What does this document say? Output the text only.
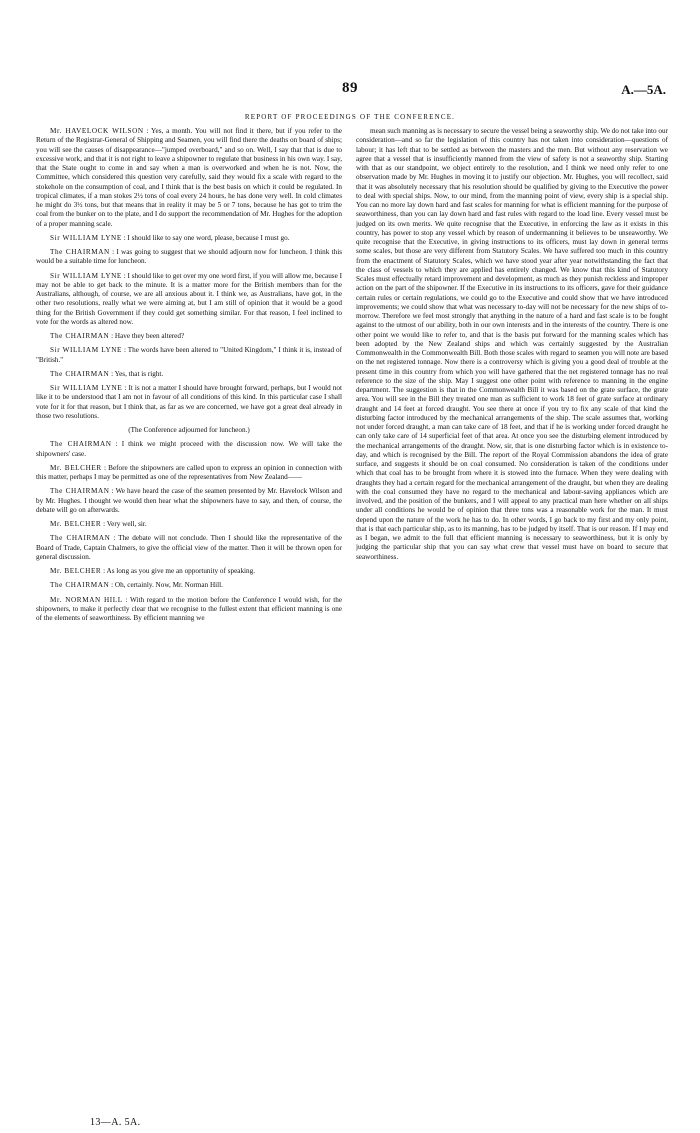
89	A.—5A.
REPORT OF PROCEEDINGS OF THE CONFERENCE.

Mr. HAVELOCK WILSON : Yes, a month. You will not find it there, but if you refer to the Return of the Registrar-General of Shipping and Seamen, you will find there the deaths on board of ships; you will see the causes of disappearance—"jumped overboard," and so on. Well, I say that that is due to excessive work, and that it is not right to leave a shipowner to regulate that business in his own way. I say, that the State ought to come in and say when a man is overworked and when he is not. Now, the Committee, which considered this question very carefully, said they would fix a scale with regard to the stokehole on the consumption of coal, and I think that is the best basis on which it could be regulated. In tropical climates, if a man stokes 2½ tons of coal every 24 hours, he has done very well. In cold climates he might do 3½ tons, but that means that in reality it may be 5 or 7 tons, because he has got to trim the coal from the bunker on to the plate, and I do support the recommendation of Mr. Hughes for the adoption of a proper manning scale.

Sir WILLIAM LYNE : I should like to say one word, please, because I must go.

The CHAIRMAN : I was going to suggest that we should adjourn now for luncheon. I think this would be a suitable time for luncheon.

Sir WILLIAM LYNE : I should like to get over my one word first, if you will allow me, because I may not be able to get back to the minute. It is a matter more for the British members than for the Australians, although, of course, we are all anxious about it. I think we, as Australians, have got, in the other two resolutions, really what we were aiming at, but I am still of opinion that it would be a good thing for the British Government if they could get something similar. For that reason, I feel inclined to vote for the words as altered now.

The CHAIRMAN : Have they been altered?

Sir WILLIAM LYNE : The words have been altered to "United Kingdom," I think it is, instead of "British."

The CHAIRMAN : Yes, that is right.

Sir WILLIAM LYNE : It is not a matter I should have brought forward, perhaps, but I would not like it to be understood that I am not in favour of all conditions of this kind. In this particular case I shall vote for it for that reason, but I think that, as far as we are concerned, we have got a great deal already in those two resolutions.

(The Conference adjourned for luncheon.)

The CHAIRMAN : I think we might proceed with the discussion now. We will take the shipowners' case.

Mr. BELCHER : Before the shipowners are called upon to express an opinion in connection with this matter, perhaps I may be permitted as one of the representatives from New Zealand——

The CHAIRMAN : We have heard the case of the seamen presented by Mr. Havelock Wilson and by Mr. Hughes. I thought we would then hear what the shipowners have to say, and then, of course, the debate will go on afterwards.

Mr. BELCHER : Very well, sir.

The CHAIRMAN : The debate will not conclude. Then I should like the representative of the Board of Trade, Captain Chalmers, to give the official view of the matter. Then it will be thrown open for general discussion.

Mr. BELCHER : As long as you give me an opportunity of speaking.

The CHAIRMAN : Oh, certainly. Now, Mr. Norman Hill.

Mr. NORMAN HILL : With regard to the motion before the Conference I would wish, for the shipowners, to make it perfectly clear that we recognise to the fullest extent that efficient manning is one of the elements of seaworthiness. By efficient manning we

mean such manning as is necessary to secure the vessel being a seaworthy ship. We do not take into our consideration—and so far the legislation of this country has not taken into consideration—questions of labour; it has left that to be settled as between the masters and the men. But without any reservation we agree that a vessel that is insufficiently manned from the view of safety is not a seaworthy ship. Starting with that as our standpoint, we object entirely to the resolution, and I think we need only refer to one observation made by Mr. Hughes in moving it to justify our objection. Mr. Hughes, you will recollect, said that it was absolutely necessary that his resolution should be qualified by giving to the Executive the power to deal with special ships. Now, to our mind, from the manning point of view, every ship is a special ship. You can no more lay down hard and fast scales for manning for what is efficient manning for the purpose of seaworthiness, than you can lay down hard and fast rules with regard to the load line. Every vessel must be judged on its own merits. We quite recognise that the Executive, in enforcing the law as it exists in this country, has power to stop any vessel which by reason of undermanning it believes to be unseaworthy. We quite recognise that the Executive, in giving instructions to its officers, must lay down in general terms some scales, but those are very different from Statutory Scales. We have suffered too much in this country from the enactment of Statutory Scales, which we have stood year after year notwithstanding the fact that the class of vessels to which they are applied has entirely changed. We know that this kind of Statutory Scales must effectually retard improvement and development, as much as they punish reckless and improper action on the part of the shipowner. If the Executive in its instructions to its officers, gave for their guidance certain rules or certain regulations, we could go to the Executive and could show that we have introduced improvements; we could show that what was necessary to-day will not be necessary for the new ships of to-morrow. Therefore we feel most strongly that anything in the nature of a hard and fast scale is to be fought against to the utmost of our ability, both in our own interests and in the interests of the country. There is one other point we would like to refer to, and that is the basis put forward for the manning scales which has been adopted by the New Zealand ships and which was certainly suggested by the Australian Commonwealth in the Commonwealth Bill. Both those scales with regard to seamen you will note are based on the net registered tonnage. Now there is a controversy which is giving you a good deal of trouble at the present time in this country from which you will have gathered that the net registered tonnage has no real reference to the size of the ship. May I suggest one other point with reference to manning in the engine department. The suggestion is that in the Commonwealth Bill it was based on the grate surface, the grate area. You will see in the Bill they treated one man as sufficient to work 18 feet of grate surface at ordinary draught and 14 feet at forced draught. You see there at once if you try to fix any scale of that kind the disturbing factor introduced by the mechanical arrangements of the ship. The scale assumes that, working not under forced draught, a man can take care of 18 feet, and that if he is working under forced draught he can only take care of 14 superficial feet of that area. At once you see the disturbing element introduced by the mechanical arrangements of the draught. Now, sir, that is one disturbing factor which is in existence to-day, and which is recognised by the Bill. The report of the Royal Commission abandons the idea of grate surface, and suggests it should be on coal consumed. No consideration is taken of the conditions under which that coal has to be brought from where it is stowed into the furnace. When they were dealing with draughts they had a certain regard for the mechanical arrangement of the draught, but when they are dealing with the coal consumed they have no regard to the mechanical and labour-saving appliances which are involved, and the position of the bunkers, and I will appeal to any practical man here whether on all ships under all conditions he would be of opinion that three tons was a reasonable work for the man. It must depend upon the nature of the work he has to do. In other words, I go back to my first and my only point, that is that each particular ship, as to its manning, has to be judged by itself. That is our reason. If I may end as I began, we admit to the full that efficient manning is necessary to seaworthiness, but it is only by judging the particular ship that you can say what crew that vessel must have on board to secure that seaworthiness.

13—A. 5A.
